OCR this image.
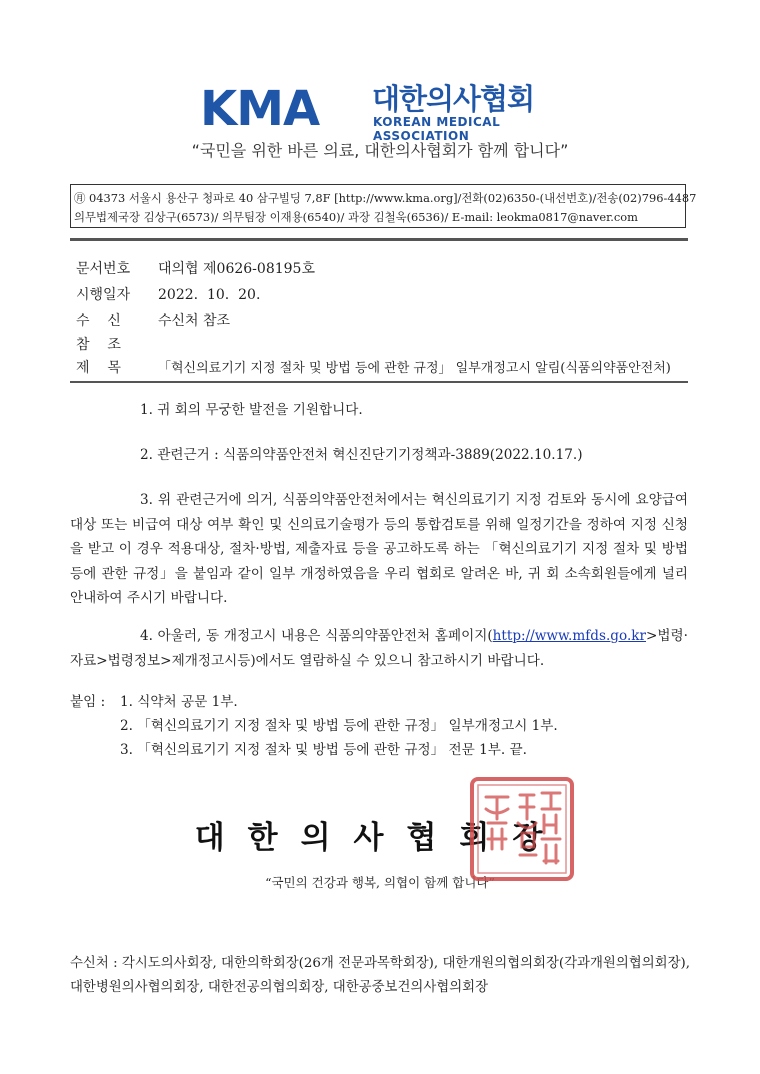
KMA 대한의사협회
KOREAN MEDICAL ASSOCIATION
“국민을 위한 바른 의료, 대한의사협회가 함께 합니다”
㊊ 04373 서울시 용산구 청파로 40 삼구빌딩 7,8F [http://www.kma.org]/전화(02)6350-(내선번호)/전송(02)796-4487
의무법제국장 김상구(6573)/ 의무팀장 이재용(6540)/ 과장 김철욱(6536)/ E-mail: leokma0817@naver.com
문서번호 대의협 제0626-08195호
시행일자 2022.  10.  20.
수    신	수신처 참조
참    조
제    목	「혁신의료기기 지정 절차 및 방법 등에 관한 규정」 일부개정고시 알림(식품의약품안전처)
1. 귀 회의 무궁한 발전을 기원합니다.
2. 관련근거 : 식품의약품안전처 혁신진단기기정책과-3889(2022.10.17.)
3. 위 관련근거에 의거, 식품의약품안전처에서는 혁신의료기기 지정 검토와 동시에 요양급여대상 또는 비급여 대상 여부 확인 및 신의료기술평가 등의 통합검토를 위해 일정기간을 정하여 지정 신청을 받고 이 경우 적용대상, 절차·방법, 제출자료 등을 공고하도록 하는 「혁신의료기기 지정 절차 및 방법 등에 관한 규정」을 붙임과 같이 일부 개정하였음을 우리 협회로 알려온 바, 귀 회 소속회원들에게 널리 안내하여 주시기 바랍니다.
4. 아울러, 동 개정고시 내용은 식품의약품안전처 홈페이지(http://www.mfds.go.kr>법령·자료>법령정보>제개정고시등)에서도 열람하실 수 있으니 참고하시기 바랍니다.
붙임 :	1. 식약처 공문 1부.
2. 「혁신의료기기 지정 절차 및 방법 등에 관한 규정」 일부개정고시 1부.
3. 「혁신의료기기 지정 절차 및 방법 등에 관한 규정」 전문 1부. 끝.
대한의사협회장
“국민의 건강과 행복, 의협이 함께 합니다”
수신처 : 각시도의사회장, 대한의학회장(26개 전문과목학회장), 대한개원의협의회장(각과개원의협의회장), 대한병원의사협의회장, 대한전공의협의회장, 대한공중보건의사협의회장
